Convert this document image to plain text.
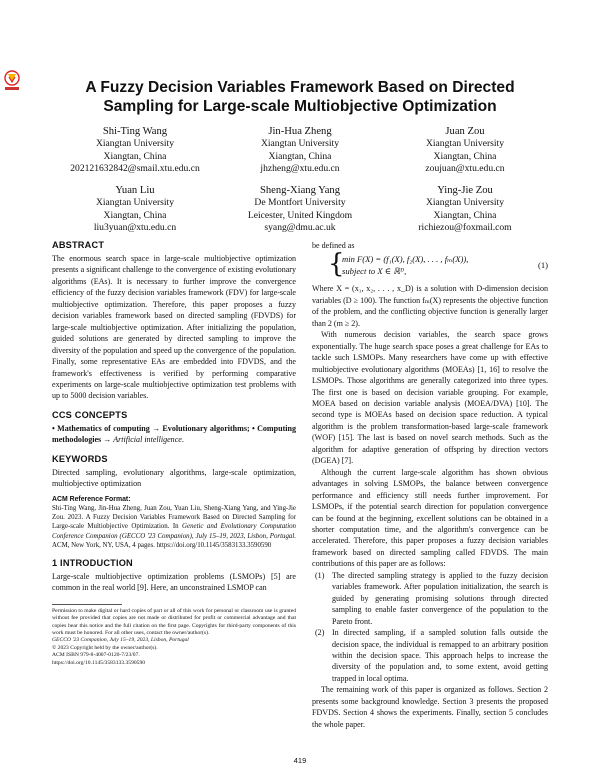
A Fuzzy Decision Variables Framework Based on Directed
Sampling for Large-scale Multiobjective Optimization
Shi-Ting Wang
Xiangtan University
Xiangtan, China
202121632842@smail.xtu.edu.cn
Jin-Hua Zheng
Xiangtan University
Xiangtan, China
jhzheng@xtu.edu.cn
Juan Zou
Xiangtan University
Xiangtan, China
zoujuan@xtu.edu.cn
Yuan Liu
Xiangtan University
Xiangtan, China
liu3yuan@xtu.edu.cn
Sheng-Xiang Yang
De Montfort University
Leicester, United Kingdom
syang@dmu.ac.uk
Ying-Jie Zou
Xiangtan University
Xiangtan, China
richiezou@foxmail.com
ABSTRACT

The enormous search space in large-scale multiobjective optimization presents a significant challenge to the convergence of existing evolutionary algorithms (EAs). It is necessary to further improve the convergence efficiency of the fuzzy decision variables framework (FDV) for large-scale multiobjective optimization. Therefore, this paper proposes a fuzzy decision variables framework based on directed sampling (FDVDS) for large-scale multiobjective optimization. After initializing the population, guided solutions are generated by directed sampling to improve the diversity of the population and speed up the convergence of the population. Finally, some representative EAs are embedded into FDVDS, and the framework's effectiveness is verified by performing comparative experiments on large-scale multiobjective optimization test problems with up to 5000 decision variables.

CCS CONCEPTS

• Mathematics of computing → Evolutionary algorithms; • Computing methodologies → Artificial intelligence.

KEYWORDS

Directed sampling, evolutionary algorithms, large-scale optimization, multiobjective optimization

ACM Reference Format:
Shi-Ting Wang, Jin-Hua Zheng, Juan Zou, Yuan Liu, Sheng-Xiang Yang, and Ying-Jie Zou. 2023. A Fuzzy Decision Variables Framework Based on Directed Sampling for Large-scale Multiobjective Optimization. In Genetic and Evolutionary Computation Conference Companion (GECCO '23 Companion), July 15–19, 2023, Lisbon, Portugal. ACM, New York, NY, USA, 4 pages. https://doi.org/10.1145/3583133.3590590

1 INTRODUCTION

Large-scale multiobjective optimization problems (LSMOPs) [5] are common in the real world [9]. Here, an unconstrained LSMOP can

Permission to make digital or hard copies of part or all of this work for personal or classroom use is granted without fee provided that copies are not made or distributed for profit or commercial advantage and that copies bear this notice and the full citation on the first page. Copyrights for third-party components of this work must be honored. For all other uses, contact the owner/author(s).
GECCO '23 Companion, July 15–19, 2023, Lisbon, Portugal
© 2023 Copyright held by the owner/author(s).
ACM ISBN 979-8-4007-0120-7/23/07.
https://doi.org/10.1145/3583133.3590590

be defined as

{
min F(X) = (f₁(X), f₂(X), . . . , fₘ(X)),
subject to X ∈ ℝᴰ,
(1)

Where X = (x₁, x₂, . . . , x_D) is a solution with D-dimension decision variables (D ≥ 100). The function fₘ(X) represents the objective function of the problem, and the conflicting objective function is generally larger than 2 (m ≥ 2).

With numerous decision variables, the search space grows exponentially. The huge search space poses a great challenge for EAs to tackle such LSMOPs. Many researchers have come up with effective multiobjective evolutionary algorithms (MOEAs) [1, 16] to resolve the LSMOPs. Those algorithms are generally categorized into three types. The first one is based on decision variable grouping. For example, MOEA based on decision variable analysis (MOEA/DVA) [10]. The second type is MOEAs based on decision space reduction. A typical algorithm is the problem transformation-based large-scale framework (WOF) [15]. The last is based on novel search methods. Such as the algorithm for adaptive generation of offspring by direction vectors (DGEA) [7].

Although the current large-scale algorithm has shown obvious advantages in solving LSMOPs, the balance between convergence performance and efficiency still needs further improvement. For LSMOPs, if the potential search direction for population convergence can be found at the beginning, excellent solutions can be obtained in a shorter computation time, and the algorithm's convergence can be accelerated. Therefore, this paper proposes a fuzzy decision variables framework based on directed sampling called FDVDS. The main contributions of this paper are as follows:

(1) The directed sampling strategy is applied to the fuzzy decision variables framework. After population initialization, the search is guided by generating promising solutions through directed sampling to enable faster convergence of the population to the Pareto front.
(2) In directed sampling, if a sampled solution falls outside the decision space, the individual is remapped to an arbitrary position within the decision space. This approach helps to increase the diversity of the population and, to some extent, avoid getting trapped in local optima.

The remaining work of this paper is organized as follows. Section 2 presents some background knowledge. Section 3 presents the proposed FDVDS. Section 4 shows the experiments. Finally, section 5 concludes the whole paper.

419
